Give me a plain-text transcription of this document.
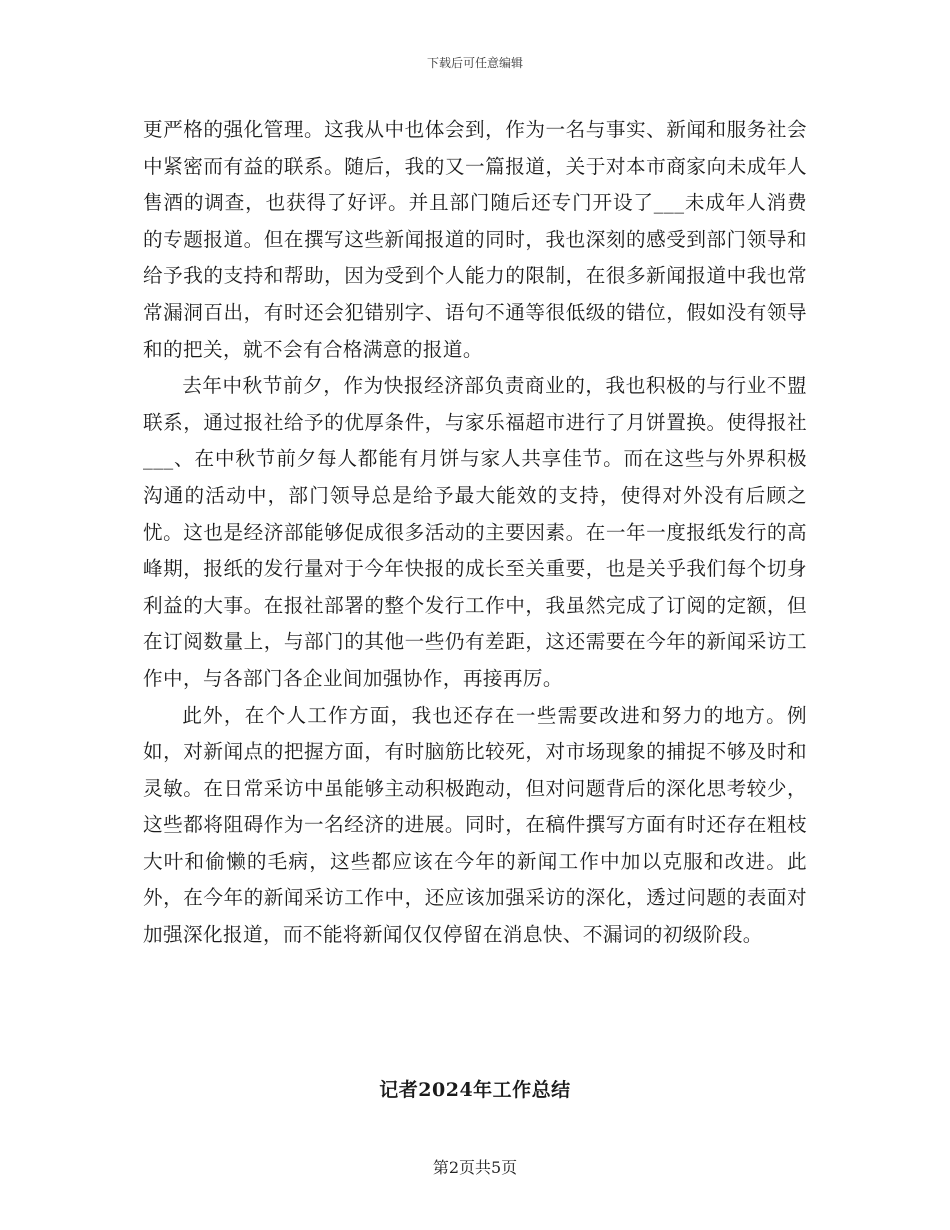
下载后可任意编辑

更严格的强化管理。这我从中也体会到，作为一名与事实、新闻和服务社会中紧密而有益的联系。随后，我的又一篇报道，关于对本市商家向未成年人售酒的调查，也获得了好评。并且部门随后还专门开设了___未成年人消费的专题报道。但在撰写这些新闻报道的同时，我也深刻的感受到部门领导和给予我的支持和帮助，因为受到个人能力的限制，在很多新闻报道中我也常常漏洞百出，有时还会犯错别字、语句不通等很低级的错位，假如没有领导和的把关，就不会有合格满意的报道。

去年中秋节前夕，作为快报经济部负责商业的，我也积极的与行业不盟联系，通过报社给予的优厚条件，与家乐福超市进行了月饼置换。使得报社___、在中秋节前夕每人都能有月饼与家人共享佳节。而在这些与外界积极沟通的活动中，部门领导总是给予最大能效的支持，使得对外没有后顾之忧。这也是经济部能够促成很多活动的主要因素。在一年一度报纸发行的高峰期，报纸的发行量对于今年快报的成长至关重要，也是关乎我们每个切身利益的大事。在报社部署的整个发行工作中，我虽然完成了订阅的定额，但在订阅数量上，与部门的其他一些仍有差距，这还需要在今年的新闻采访工作中，与各部门各企业间加强协作，再接再厉。

此外，在个人工作方面，我也还存在一些需要改进和努力的地方。例如，对新闻点的把握方面，有时脑筋比较死，对市场现象的捕捉不够及时和灵敏。在日常采访中虽能够主动积极跑动，但对问题背后的深化思考较少，这些都将阻碍作为一名经济的进展。同时，在稿件撰写方面有时还存在粗枝大叶和偷懒的毛病，这些都应该在今年的新闻工作中加以克服和改进。此外，在今年的新闻采访工作中，还应该加强采访的深化，透过问题的表面对加强深化报道，而不能将新闻仅仅停留在消息快、不漏词的初级阶段。

记者2024年工作总结
第2页共5页
